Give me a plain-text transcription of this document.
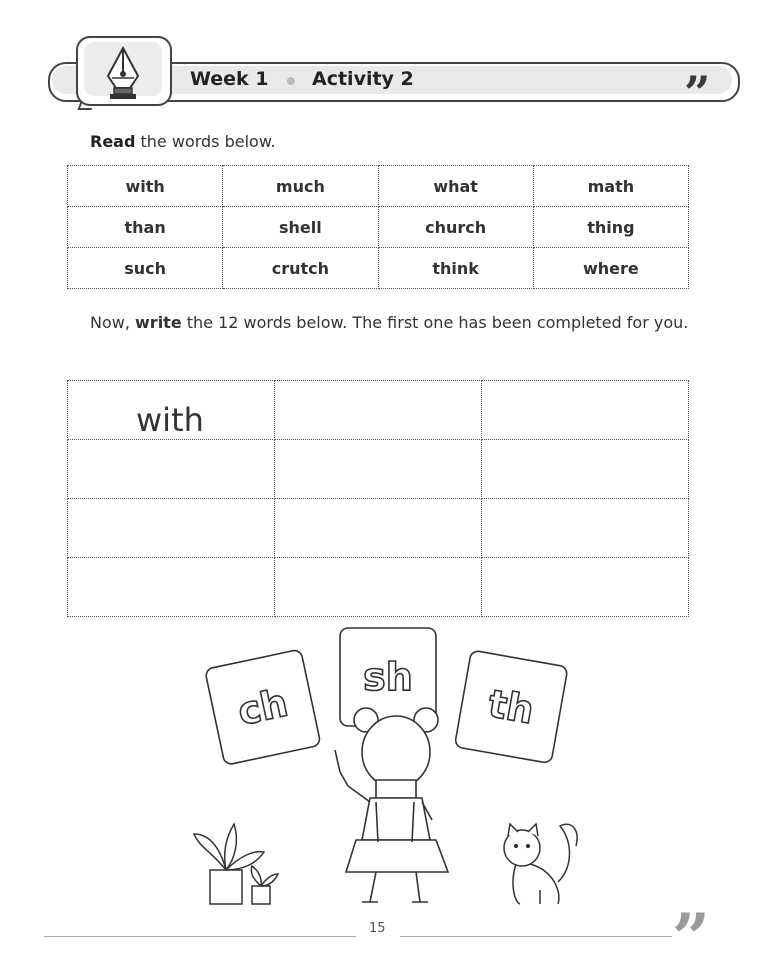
Week 1 Activity 2	”
Read the words below.
with	much	what	math
than	shell	church	thing
such	crutch	think	where
Now, write the 12 words below. The first one has been completed for you.
with		

ch
sh
th
15	”
